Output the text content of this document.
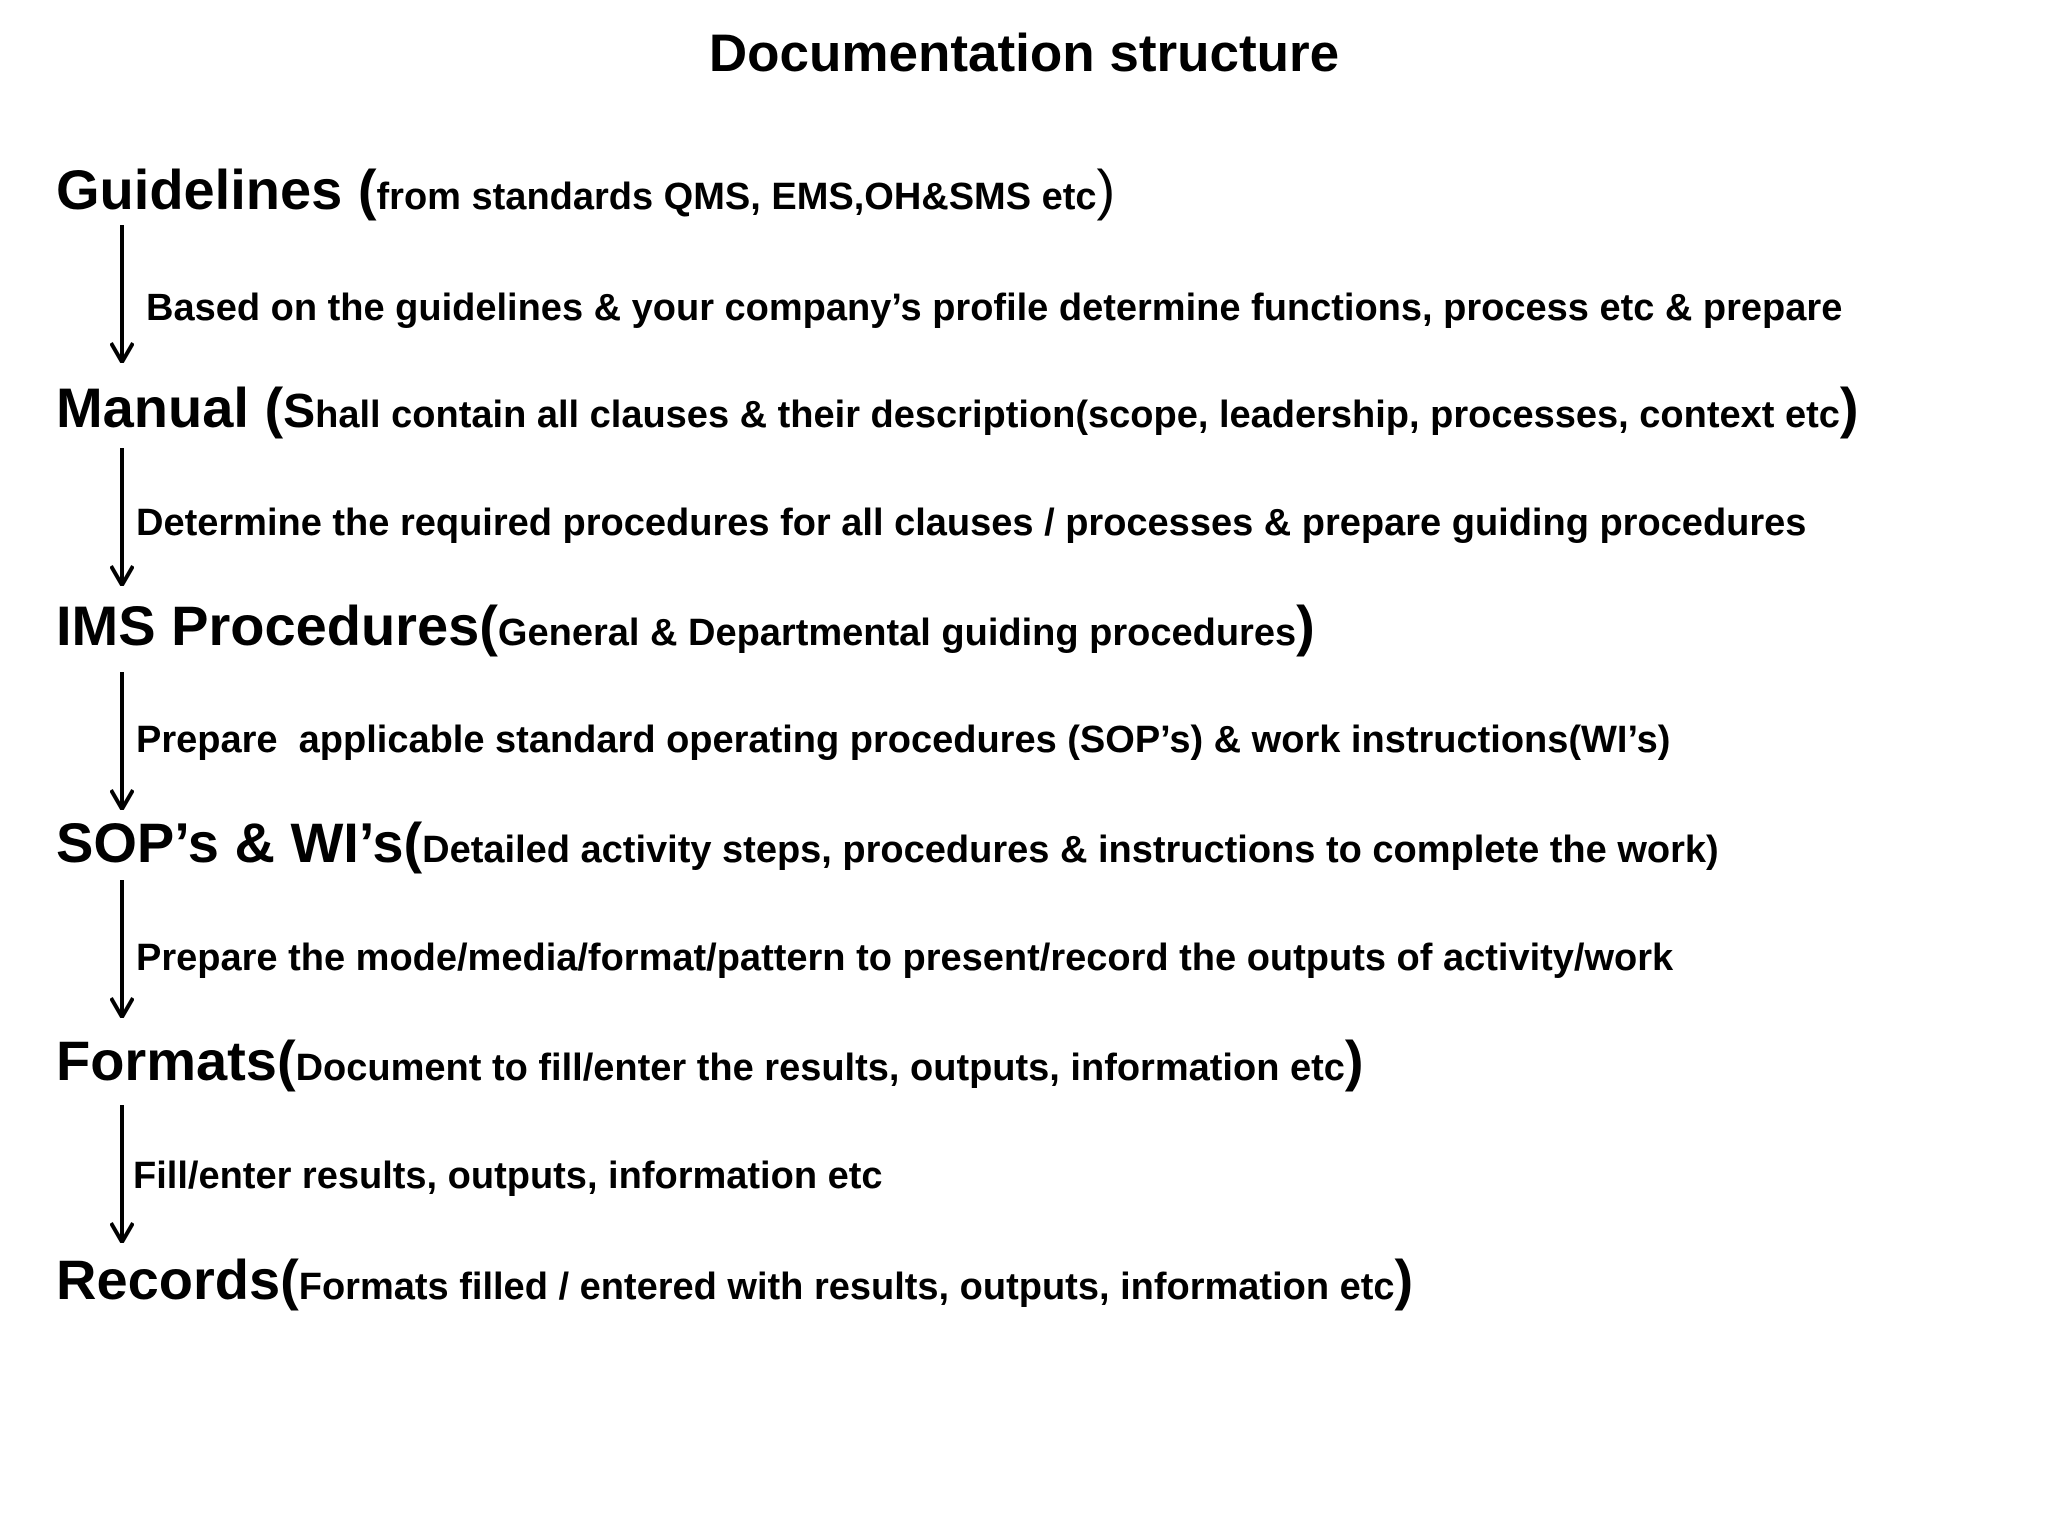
Documentation structure
Guidelines (from standards QMS, EMS,OH&SMS etc)
Based on the guidelines & your company’s profile determine functions, process etc & prepare
Manual (Shall contain all clauses & their description(scope, leadership, processes, context etc)
Determine the required procedures for all clauses / processes & prepare guiding procedures
IMS Procedures(General & Departmental guiding procedures)
Prepare  applicable standard operating procedures (SOP’s) & work instructions(WI’s)
SOP’s & WI’s(Detailed activity steps, procedures & instructions to complete the work)
Prepare the mode/media/format/pattern to present/record the outputs of activity/work
Formats(Document to fill/enter the results, outputs, information etc)
Fill/enter results, outputs, information etc
Records(Formats filled / entered with results, outputs, information etc)
